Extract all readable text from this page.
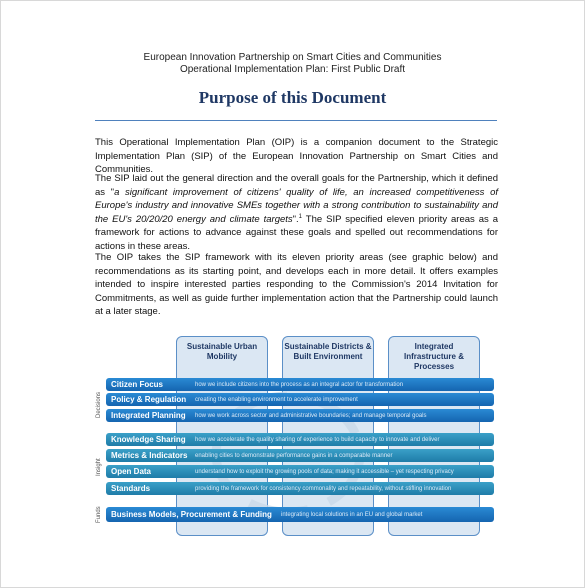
European Innovation Partnership on Smart Cities and Communities
Operational Implementation Plan: First Public Draft
Purpose of this Document
This Operational Implementation Plan (OIP) is a companion document to the Strategic Implementation Plan (SIP) of the European Innovation Partnership on Smart Cities and Communities.
The SIP laid out the general direction and the overall goals for the Partnership, which it defined as "a significant improvement of citizens' quality of life, an increased competitiveness of Europe's industry and innovative SMEs together with a strong contribution to sustainability and the EU's 20/20/20 energy and climate targets".$^1$ The SIP specified eleven priority areas as a framework for actions to advance against these goals and spelled out recommendations for actions in these areas.
The OIP takes the SIP framework with its eleven priority areas (see graphic below) and recommendations as its starting point, and develops each in more detail. It offers examples intended to inspire interested parties responding to the Commission's 2014 Invitation for Commitments, as well as guide further implementation action that the Partnership could launch at a later stage.
Sustainable Urban Mobility
Sustainable Districts & Built Environment
Integrated Infrastructure & Processes
Citizen Focus	how we include citizens into the process as an integral actor for transformation
Policy & Regulation	creating the enabling environment to accelerate improvement
Integrated Planning	how we work across sector and administrative boundaries; and manage temporal goals
Knowledge Sharing	how we accelerate the quality sharing of experience to build capacity to innovate and deliver
Metrics & Indicators	enabling cities to demonstrate performance gains in a comparable manner
Open Data	understand how to exploit the growing pools of data; making it accessible – yet respecting privacy
Standards	providing the framework for consistency commonality and repeatability, without stifling innovation
Business Models, Procurement & Funding	integrating local solutions in an EU and global market
Decisions
Insight
Funds
